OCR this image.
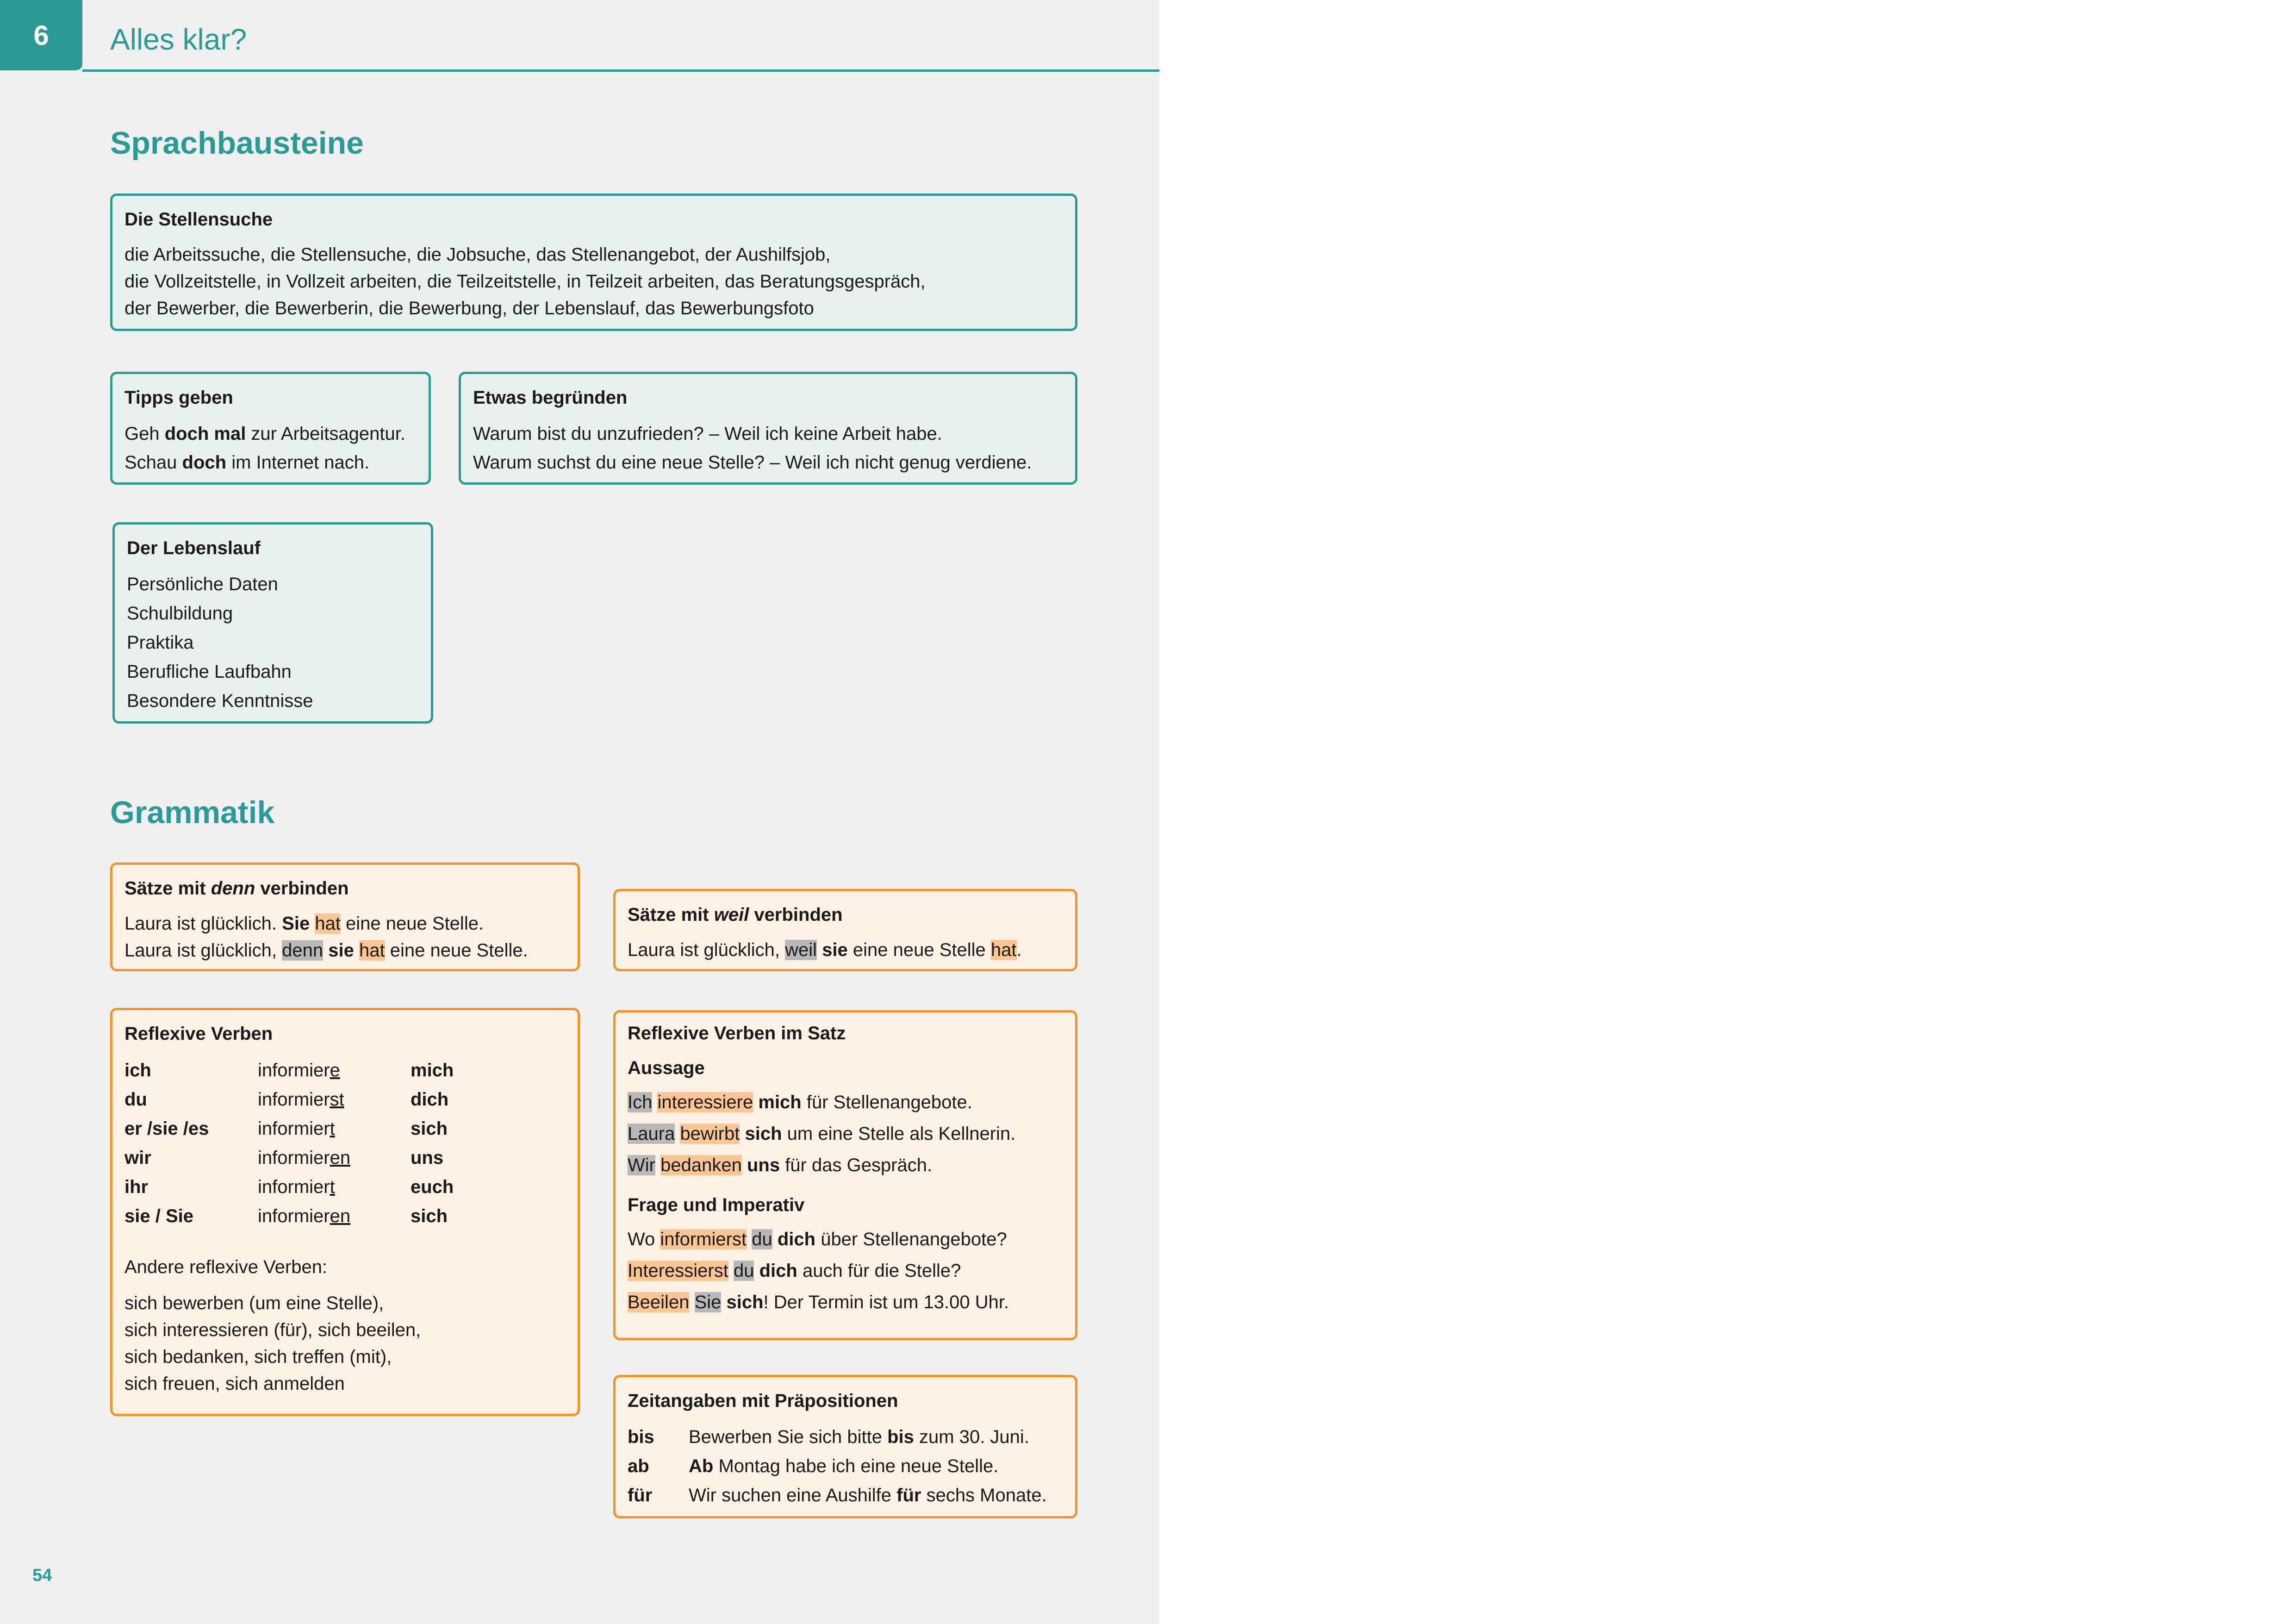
6 Alles klar?
Sprachbausteine
Die Stellensuche
die Arbeitssuche, die Stellensuche, die Jobsuche, das Stellenangebot, der Aushilfsjob,
die Vollzeitstelle, in Vollzeit arbeiten, die Teilzeitstelle, in Teilzeit arbeiten, das Beratungsgespräch,
der Bewerber, die Bewerberin, die Bewerbung, der Lebenslauf, das Bewerbungsfoto
Tipps geben
Geh doch mal zur Arbeitsagentur.
Schau doch im Internet nach.
Etwas begründen
Warum bist du unzufrieden? – Weil ich keine Arbeit habe.
Warum suchst du eine neue Stelle? – Weil ich nicht genug verdiene.
Der Lebenslauf
Persönliche Daten
Schulbildung
Praktika
Berufliche Laufbahn
Besondere Kenntnisse
Grammatik
Sätze mit denn verbinden
Laura ist glücklich. Sie hat eine neue Stelle.
Laura ist glücklich, denn sie hat eine neue Stelle.
Sätze mit weil verbinden
Laura ist glücklich, weil sie eine neue Stelle hat.
Reflexive Verben
ich	informiere	mich
du	informierst	dich
er /sie /es	informiert	sich
wir	informieren	uns
ihr	informiert	euch
sie / Sie	informieren	sich
Andere reflexive Verben:
sich bewerben (um eine Stelle),
sich interessieren (für), sich beeilen,
sich bedanken, sich treffen (mit),
sich freuen, sich anmelden
Reflexive Verben im Satz
Aussage
Ich interessiere mich für Stellenangebote.
Laura bewirbt sich um eine Stelle als Kellnerin.
Wir bedanken uns für das Gespräch.
Frage und Imperativ
Wo informierst du dich über Stellenangebote?
Interessierst du dich auch für die Stelle?
Beeilen Sie sich! Der Termin ist um 13.00 Uhr.
Zeitangaben mit Präpositionen
bis Bewerben Sie sich bitte bis zum 30. Juni.
ab Ab Montag habe ich eine neue Stelle.
für Wir suchen eine Aushilfe für sechs Monate.
54
